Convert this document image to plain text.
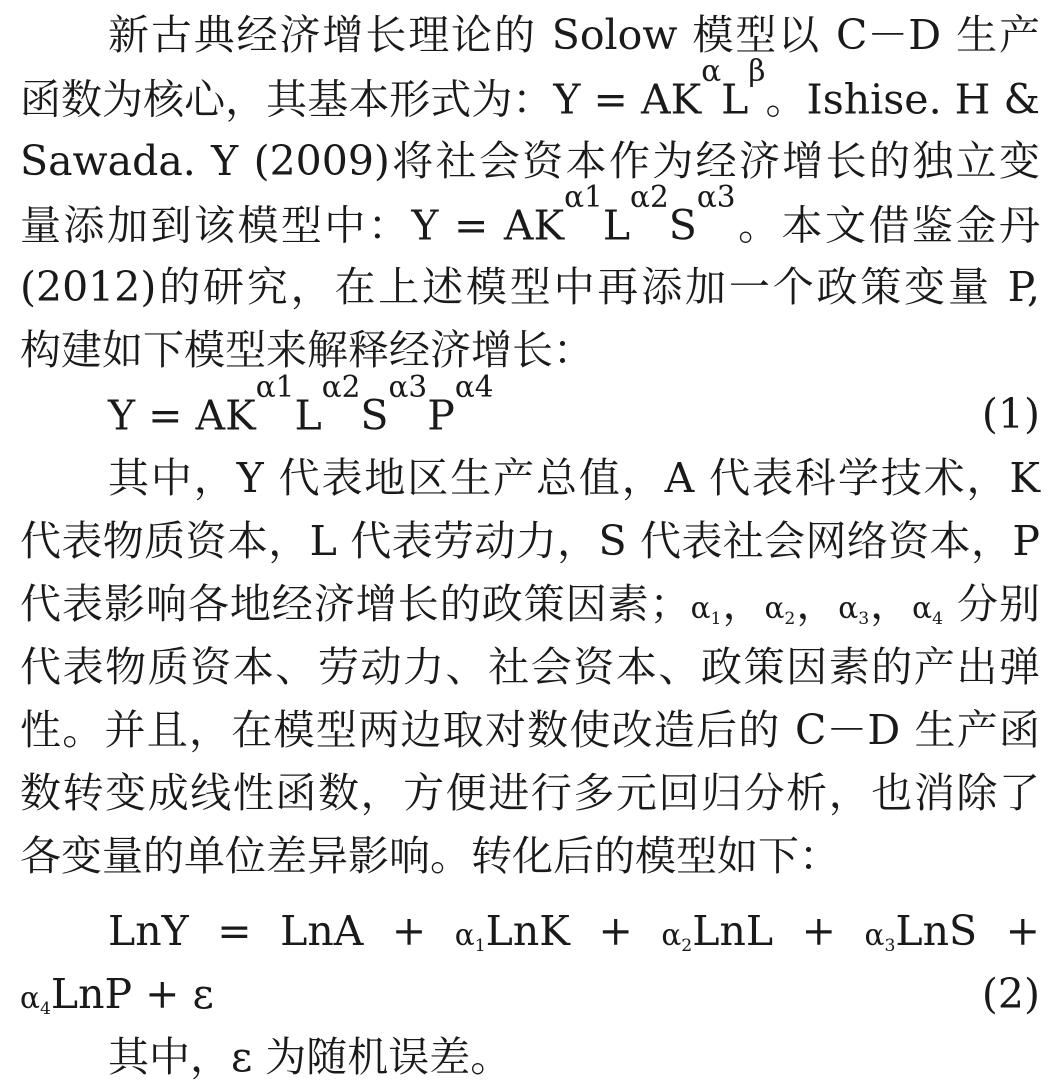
新古典经济增长理论的 Solow 模型以 C－D 生产
函数为核心，其基本形式为：$Y = AK^\alpha L^\beta$。Ishise. H &
Sawada. Y (2009)将社会资本作为经济增长的独立变
量添加到该模型中：$Y = AK^{\alpha 1}L^{\alpha 2}S^{\alpha 3}$。本文借鉴金丹
(2012)的研究，在上述模型中再添加一个政策变量 P,
构建如下模型来解释经济增长：
$Y = AK^{\alpha 1}L^{\alpha 2}S^{\alpha 3}P^{\alpha 4}$
(1)
其中，Y 代表地区生产总值，A 代表科学技术，K
代表物质资本，L 代表劳动力，S 代表社会网络资本，P
代表影响各地经济增长的政策因素；$\alpha_1$，$\alpha_2$，$\alpha_3$，$\alpha_4$ 分别
代表物质资本、劳动力、社会资本、政策因素的产出弹
性。并且，在模型两边取对数使改造后的 C－D 生产函
数转变成线性函数，方便进行多元回归分析，也消除了
各变量的单位差异影响。转化后的模型如下：
LnY = LnA + $\alpha_1LnK + \alpha_2LnL + \alpha_3LnS$ +
$\alpha_4LnP + \varepsilon$	(2)
其中，ε 为随机误差。
